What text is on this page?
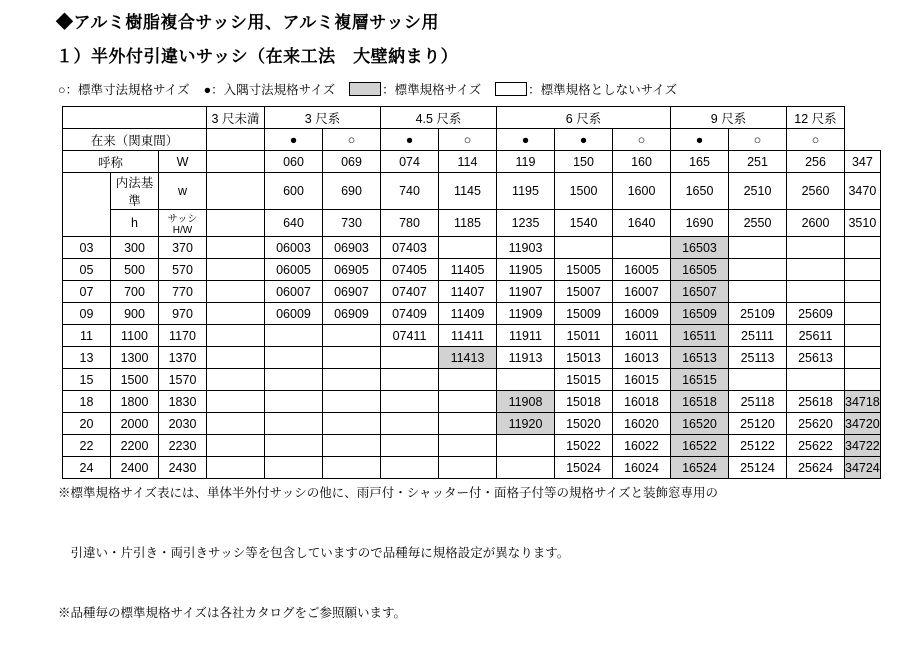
◆アルミ樹脂複合サッシ用、アルミ複層サッシ用
１）半外付引違いサッシ（在来工法　大壁納まり）
○：標準寸法規格サイズ ●：入隅寸法規格サイズ	：標準規格サイズ	：標準規格としないサイズ
			3 尺未満	3 尺系		4.5 尺系		6 尺系			9 尺系		12 尺系	
在来（関東間）				●	○	●	○	●	●	○	●	○	○	
呼称		W		060	069	074	114	119	150	160	165	251	256	347
	内法基準	w		600	690	740	1145	1195	1500	1600	1650	2510	2560	3470
	h	サッシH/W		640	730	780	1185	1235	1540	1640	1690	2550	2600	3510
03	300	370		06003	06903	07403		11903			16503			
05	500	570		06005	06905	07405	11405	11905	15005	16005	16505			
07	700	770		06007	06907	07407	11407	11907	15007	16007	16507			
09	900	970		06009	06909	07409	11409	11909	15009	16009	16509	25109	25609	
11	1100	1170				07411	11411	11911	15011	16011	16511	25111	25611	
13	1300	1370					11413	11913	15013	16013	16513	25113	25613	
15	1500	1570							15015	16015	16515			
18	1800	1830						11908	15018	16018	16518	25118	25618	34718
20	2000	2030						11920	15020	16020	16520	25120	25620	34720
22	2200	2230							15022	16022	16522	25122	25622	34722
24	2400	2430							15024	16024	16524	25124	25624	34724

※標準規格サイズ表には、単体半外付サッシの他に、雨戸付・シャッター付・面格子付等の規格サイズと装飾窓専用の

　引違い・片引き・両引きサッシ等を包含していますので品種毎に規格設定が異なります。

※品種毎の標準規格サイズは各社カタログをご参照願います。
